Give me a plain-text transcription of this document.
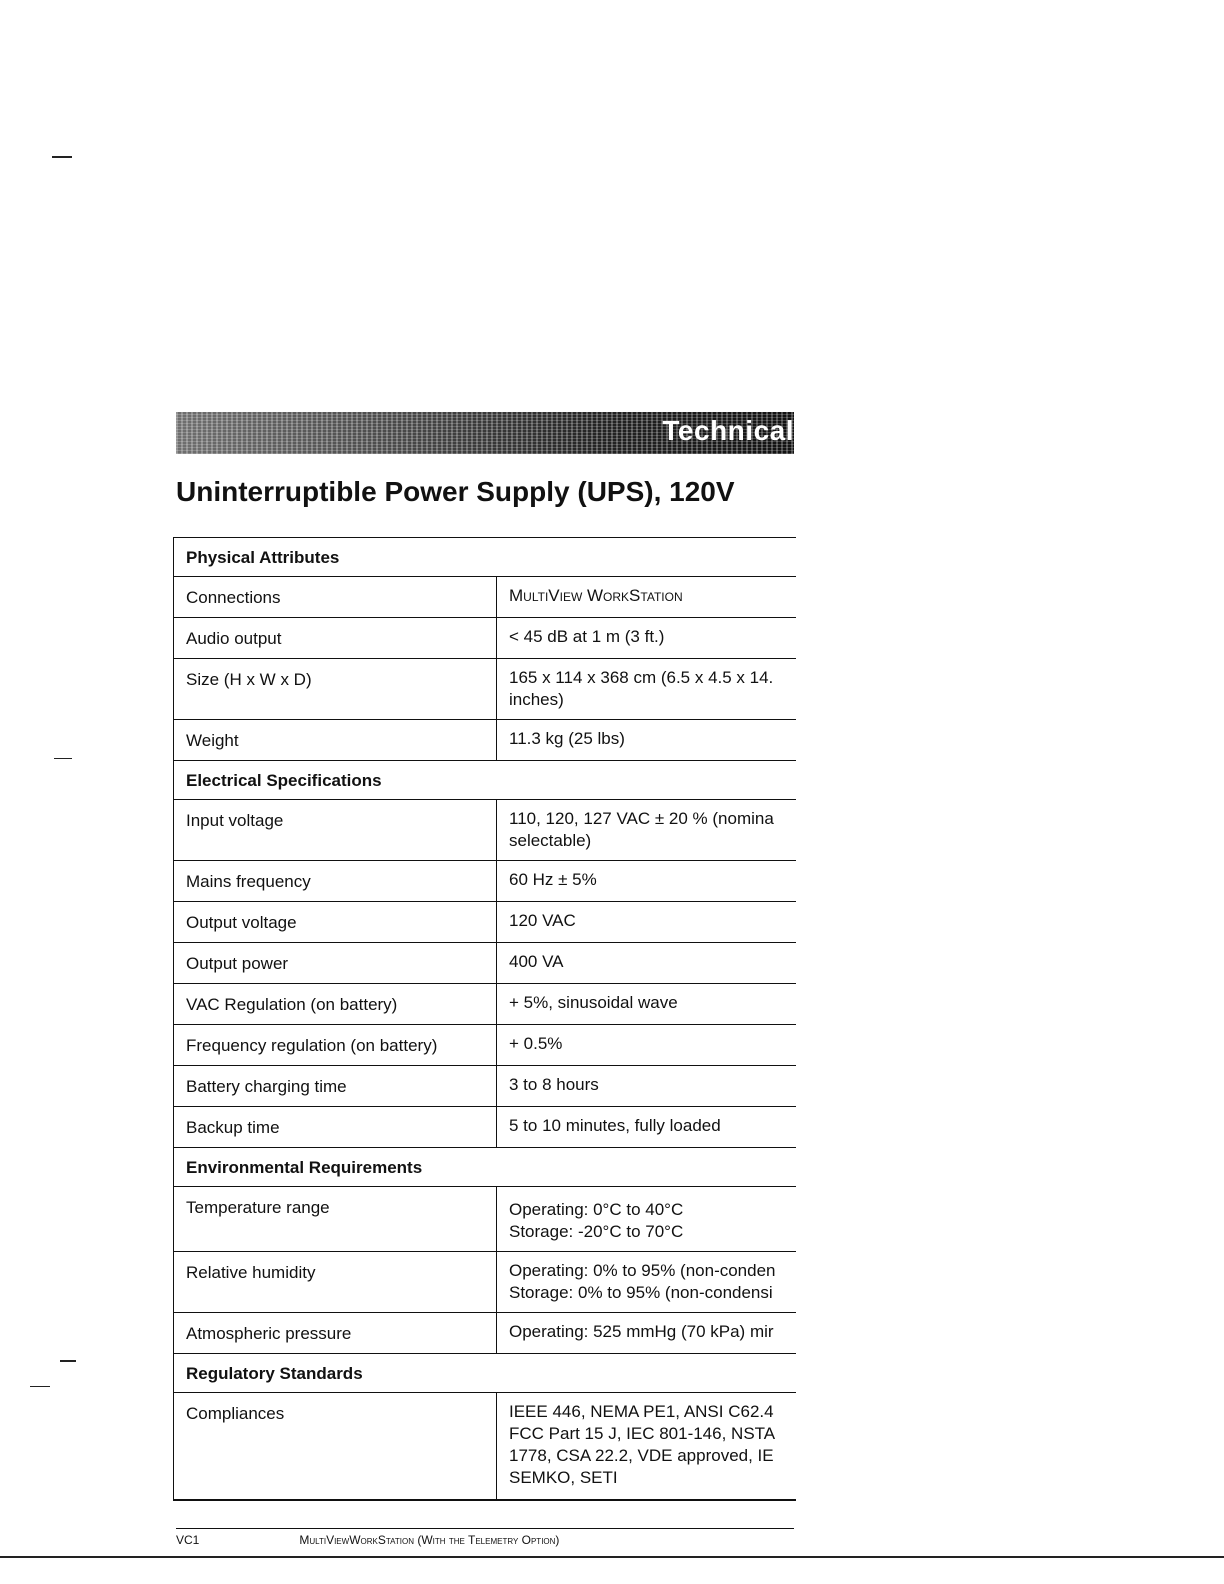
Technical
Uninterruptible Power Supply (UPS), 120V
Physical Attributes	
Connections	MultiView WorkStation
Audio output	< 45 dB at 1 m (3 ft.)
Size (H x W x D)	165 x 114 x 368 cm (6.5 x 4.5 x 14.
inches)

Weight	11.3 kg (25 lbs)
Electrical Specifications	
Input voltage	110, 120, 127 VAC ± 20 % (nomina
selectable)

Mains frequency	60 Hz ± 5%
Output voltage	120 VAC
Output power	400 VA
VAC Regulation (on battery)	+ 5%, sinusoidal wave
Frequency regulation (on battery)	+ 0.5%
Battery charging time	3 to 8 hours
Backup time	5 to 10 minutes, fully loaded
Environmental Requirements	
Temperature range	Operating: 0°C to 40°C
Storage: -20°C to 70°C

Relative humidity	Operating: 0% to 95% (non-conden
Storage: 0% to 95% (non-condensi

Atmospheric pressure	Operating: 525 mmHg (70 kPa) mir
Regulatory Standards	
Compliances	IEEE 446, NEMA PE1, ANSI C62.4
FCC Part 15 J, IEC 801-146, NSTA
1778, CSA 22.2, VDE approved, IE
SEMKO, SETI
VC1	MultiViewWorkStation (With the Telemetry Option)
